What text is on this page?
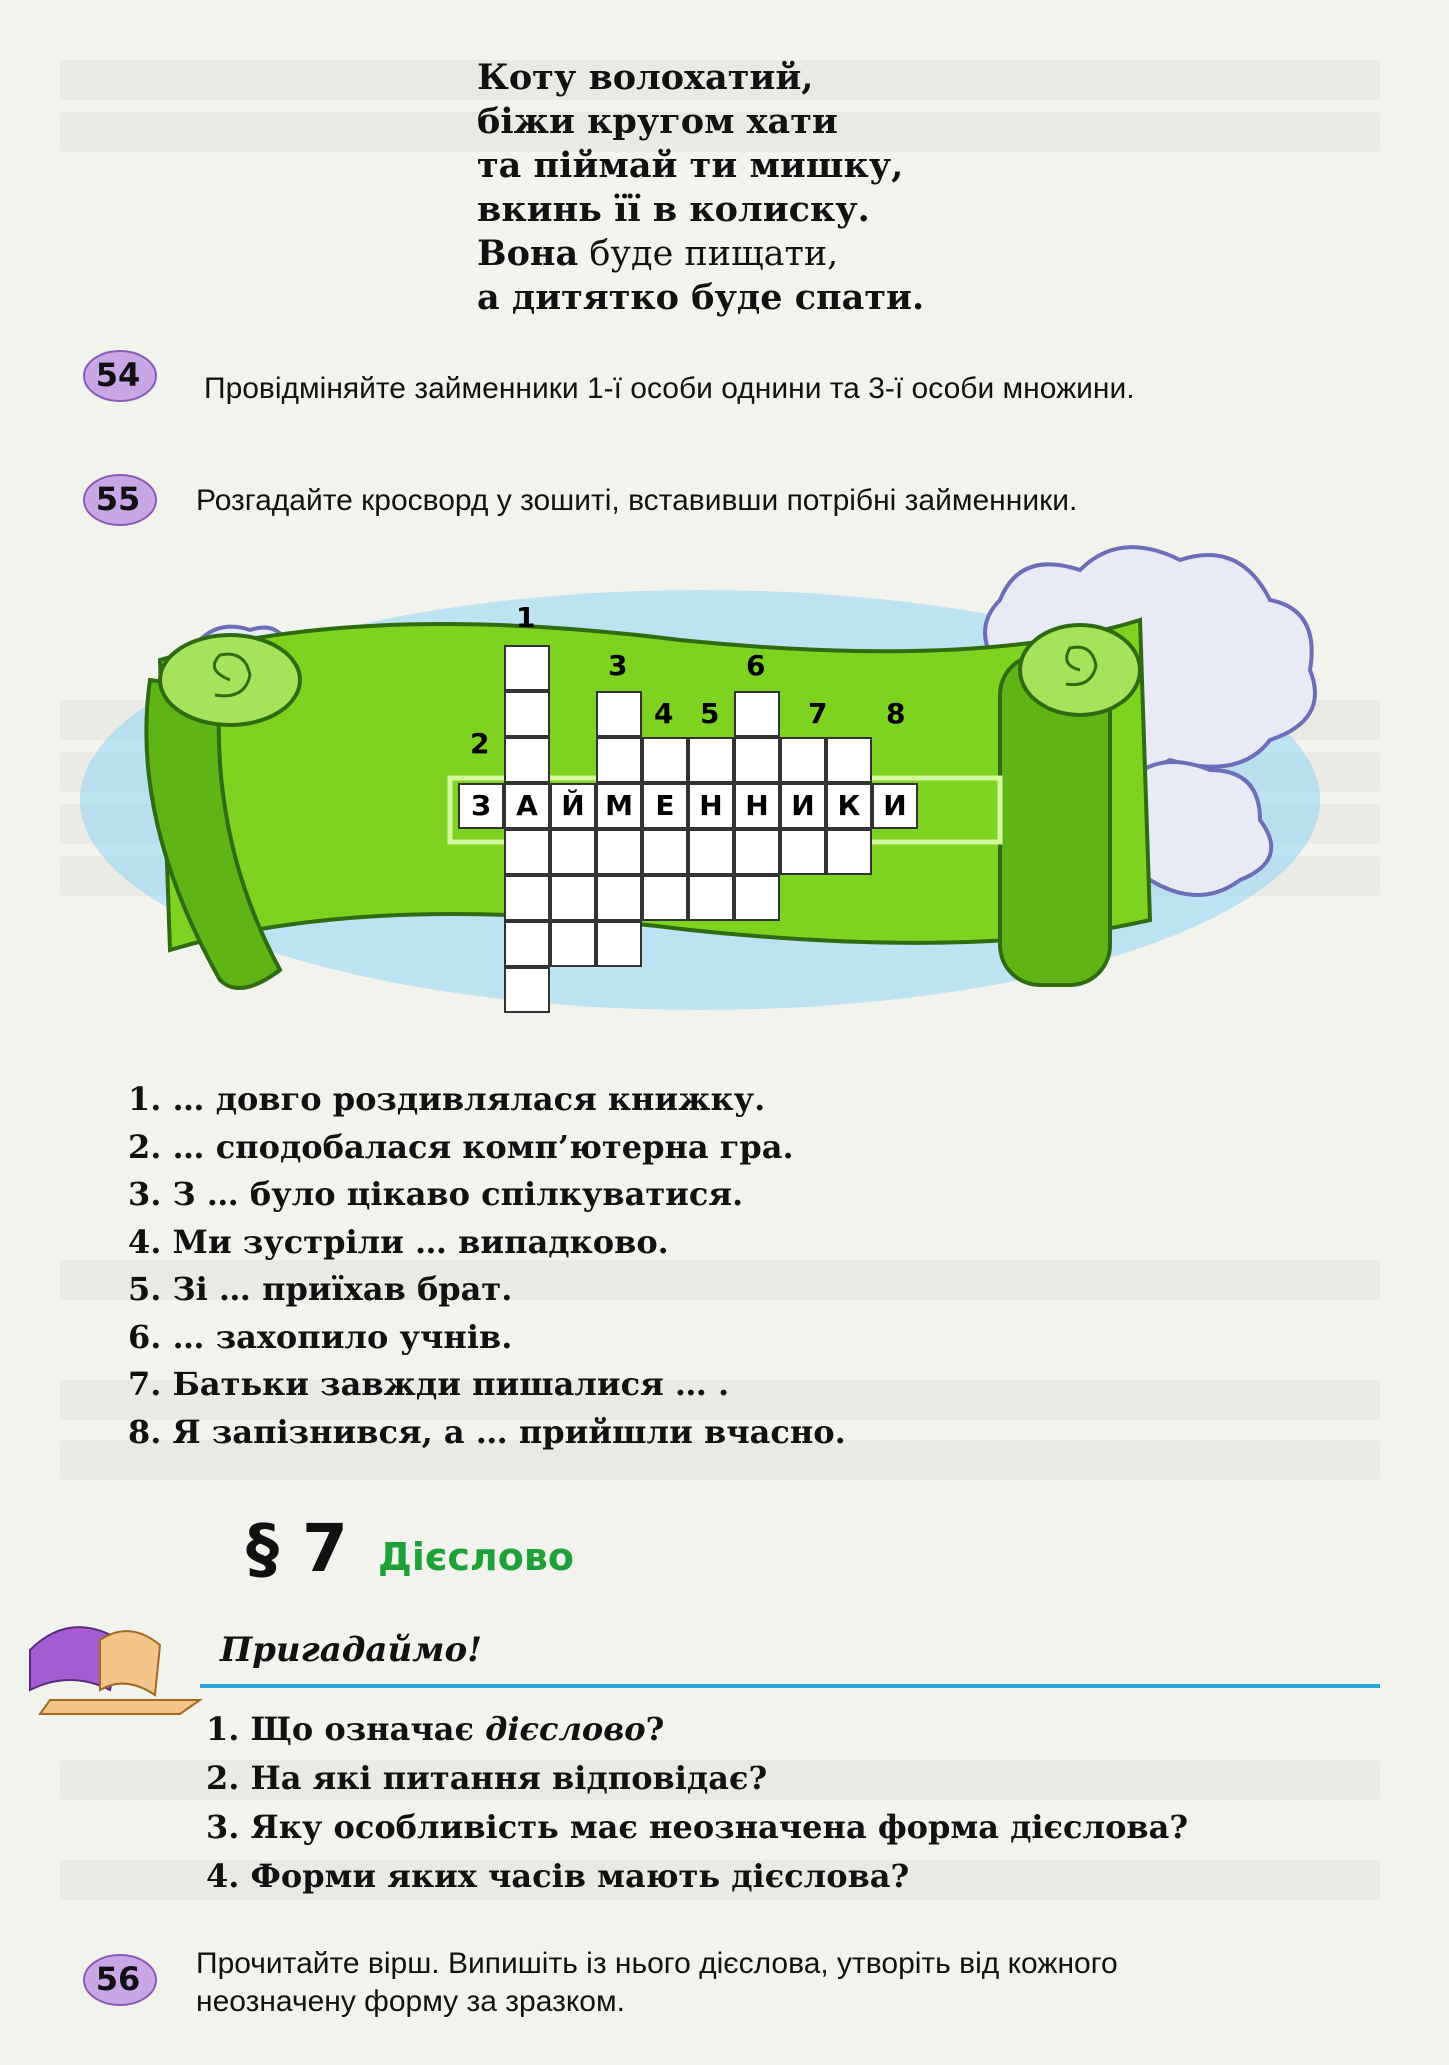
Коту волохатий,
біжи кругом хати
та піймай ти мишку,
вкинь її в колиску.
Вона буде пищати,
а дитятко буде спати.
54	Провідміняйте займенники 1-ї особи однини та 3-ї особи множини.
55	Розгадайте кросворд у зошиті, вставивши потрібні займенники.
З А Й М Е Н Н И К И
1
2
3
4 5
6
7 8
1. … довго роздивлялася книжку.
2. … сподобалася комп’ютерна гра.
3. З … було цікаво спілкуватися.
4. Ми зустріли … випадково.
5. Зі … приїхав брат.
6. … захопило учнів.
7. Батьки завжди пишалися … .
8. Я запізнився, а … прийшли вчасно.
§ 7 Дієслово
Пригадаймо!
1. Що означає дієслово?
2. На які питання відповідає?
3. Яку особливість має неозначена форма дієслова?
4. Форми яких часів мають дієслова?
56	Прочитайте вірш. Випишіть із нього дієслова, утворіть від кожного
неозначену форму за зразком.
